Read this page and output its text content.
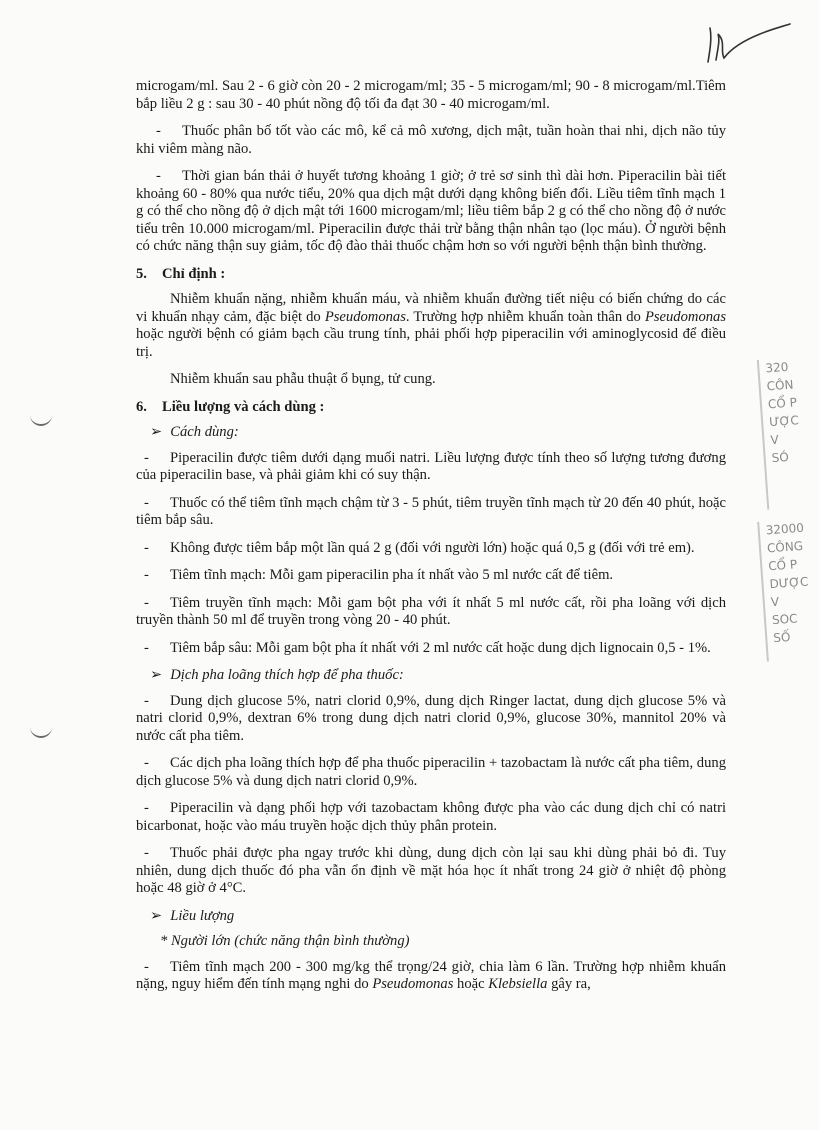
320
CÔN
CỔ P
ƯỢC
V
SÓ
32000
CÔNG
CỔ P
DƯỢC
V
SOC SỐ

microgam/ml. Sau 2 - 6 giờ còn 20 - 2 microgam/ml; 35 - 5 microgam/ml; 90 - 8 microgam/ml.Tiêm bắp liều 2 g : sau 30 - 40 phút nồng độ tối đa đạt 30 - 40 microgam/ml.

- Thuốc phân bố tốt vào các mô, kể cả mô xương, dịch mật, tuần hoàn thai nhi, dịch não tủy khi viêm màng não.

- Thời gian bán thải ở huyết tương khoảng 1 giờ; ở trẻ sơ sinh thì dài hơn. Piperacilin bài tiết khoảng 60 - 80% qua nước tiểu, 20% qua dịch mật dưới dạng không biến đổi. Liều tiêm tĩnh mạch 1 g có thể cho nồng độ ở dịch mật tới 1600 microgam/ml; liều tiêm bắp 2 g có thể cho nồng độ ở nước tiểu trên 10.000 microgam/ml. Piperacilin được thải trừ bằng thận nhân tạo (lọc máu). Ở người bệnh có chức năng thận suy giảm, tốc độ đào thải thuốc chậm hơn so với người bệnh thận bình thường.

5. Chỉ định :

Nhiễm khuẩn nặng, nhiễm khuẩn máu, và nhiễm khuẩn đường tiết niệu có biến chứng do các vi khuẩn nhạy cảm, đặc biệt do Pseudomonas. Trường hợp nhiễm khuẩn toàn thân do Pseudomonas hoặc người bệnh có giảm bạch cầu trung tính, phải phối hợp piperacilin với aminoglycosid để điều trị.

Nhiễm khuẩn sau phẫu thuật ổ bụng, tử cung.

6. Liều lượng và cách dùng :
➢ Cách dùng:

- Piperacilin được tiêm dưới dạng muối natri. Liều lượng được tính theo số lượng tương đương của piperacilin base, và phải giảm khi có suy thận.

- Thuốc có thể tiêm tĩnh mạch chậm từ 3 - 5 phút, tiêm truyền tĩnh mạch từ 20 đến 40 phút, hoặc tiêm bắp sâu.

- Không được tiêm bắp một lần quá 2 g (đối với người lớn) hoặc quá 0,5 g (đối với trẻ em).

- Tiêm tĩnh mạch: Mỗi gam piperacilin pha ít nhất vào 5 ml nước cất để tiêm.

- Tiêm truyền tĩnh mạch: Mỗi gam bột pha với ít nhất 5 ml nước cất, rồi pha loãng với dịch truyền thành 50 ml để truyền trong vòng 20 - 40 phút.

- Tiêm bắp sâu: Mỗi gam bột pha ít nhất với 2 ml nước cất hoặc dung dịch lignocain 0,5 - 1%.

➢ Dịch pha loãng thích hợp để pha thuốc:

- Dung dịch glucose 5%, natri clorid 0,9%, dung dịch Ringer lactat, dung dịch glucose 5% và natri clorid 0,9%, dextran 6% trong dung dịch natri clorid 0,9%, glucose 30%, mannitol 20% và nước cất pha tiêm.

- Các dịch pha loãng thích hợp để pha thuốc piperacilin + tazobactam là nước cất pha tiêm, dung dịch glucose 5% và dung dịch natri clorid 0,9%.

- Piperacilin và dạng phối hợp với tazobactam không được pha vào các dung dịch chỉ có natri bicarbonat, hoặc vào máu truyền hoặc dịch thủy phân protein.

- Thuốc phải được pha ngay trước khi dùng, dung dịch còn lại sau khi dùng phải bỏ đi. Tuy nhiên, dung dịch thuốc đó pha vẫn ổn định về mặt hóa học ít nhất trong 24 giờ ở nhiệt độ phòng hoặc 48 giờ ở 4°C.

➢ Liều lượng
* Người lớn (chức năng thận bình thường)

- Tiêm tĩnh mạch 200 - 300 mg/kg thể trọng/24 giờ, chia làm 6 lần. Trường hợp nhiễm khuẩn nặng, nguy hiểm đến tính mạng nghi do Pseudomonas hoặc Klebsiella gây ra,
